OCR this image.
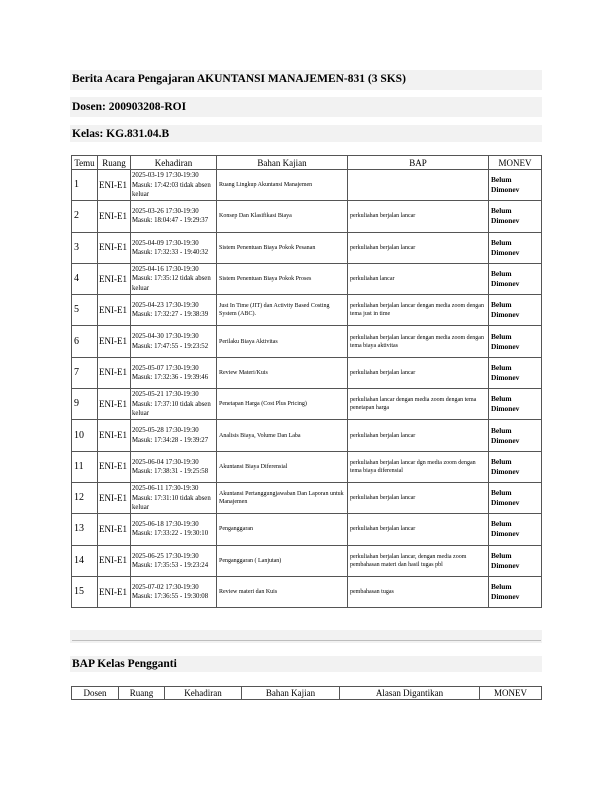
Berita Acara Pengajaran AKUNTANSI MANAJEMEN-831 (3 SKS)
Dosen: 200903208-ROI
Kelas: KG.831.04.B
Temu	Ruang	Kehadiran	Bahan Kajian	BAP	MONEV

1	ENI-E1	2025-03-19 17:30-19:30
Masuk: 17:42:03 tidak absen keluar	Ruang Lingkup Akuntansi Manajemen		Belum Dimonev

2	ENI-E1	2025-03-26 17:30-19:30
Masuk: 18:04:47 - 19:29:37	Konsep Dan Klasifikasi Biaya	perkuliahan berjalan lancar	Belum Dimonev

3	ENI-E1	2025-04-09 17:30-19:30
Masuk: 17:32:33 - 19:40:32	Sistem Penentuan Biaya Pokok Pesanan	perkuliahan berjalan lancar	Belum Dimonev

4	ENI-E1	2025-04-16 17:30-19:30
Masuk: 17:35:12 tidak absen keluar	Sistem Penentuan Biaya Pokok Proses	perkuliahan lancar	Belum Dimonev

5	ENI-E1	2025-04-23 17:30-19:30
Masuk: 17:32:27 - 19:38:39	Just In Time (JIT) dan Activity Based Costing System (ABC).	perkuliahan berjalan lancar dengan media zoom dengan tema just in time	Belum Dimonev

6	ENI-E1	2025-04-30 17:30-19:30
Masuk: 17:47:55 - 19:23:52	Perilaku Biaya Aktivitas	perkuliahan berjalan lancar dengan media zoom dengan tema biaya aktivitas	Belum Dimonev

7	ENI-E1	2025-05-07 17:30-19:30
Masuk: 17:32:36 - 19:39:46	Review Materi/Kuis	perkuliahan berjalan lancar	Belum Dimonev

9	ENI-E1	2025-05-21 17:30-19:30
Masuk: 17:37:10 tidak absen keluar	Penetapan Harga (Cost Plus Pricing)	perkuliahan lancar dengan media zoom dengan tema penetapan harga	Belum Dimonev

10	ENI-E1	2025-05-28 17:30-19:30
Masuk: 17:34:28 - 19:39:27	Analisis Biaya, Volume Dan Laba	perkuliahan berjalan lancar	Belum Dimonev

11	ENI-E1	2025-06-04 17:30-19:30
Masuk: 17:38:31 - 19:25:58	Akuntansi Biaya Diferensial	perkuliahan berjalan lancar dgn media zoom dengan tema biaya diferensial	Belum Dimonev

12	ENI-E1	2025-06-11 17:30-19:30
Masuk: 17:31:10 tidak absen keluar	Akuntansi Pertanggungjawaban Dan Laporan untuk Manajemen	perkuliahan berjalan lancar	Belum Dimonev

13	ENI-E1	2025-06-18 17:30-19:30
Masuk: 17:33:22 - 19:30:10	Penganggaran	perkuliahan berjalan lancar	Belum Dimonev

14	ENI-E1	2025-06-25 17:30-19:30
Masuk: 17:35:53 - 19:23:24	Penganggaran ( Lanjutan)	perkuliahan berjalan lancar, dengan media zoom pembahasan materi dan hasil tugas pbl	Belum Dimonev

15	ENI-E1	2025-07-02 17:30-19:30
Masuk: 17:36:55 - 19:30:08	Review materi dan Kuis	pembahasan tugas	Belum Dimonev
BAP Kelas Pengganti
Dosen	Ruang	Kehadiran	Bahan Kajian	Alasan Digantikan	MONEV
